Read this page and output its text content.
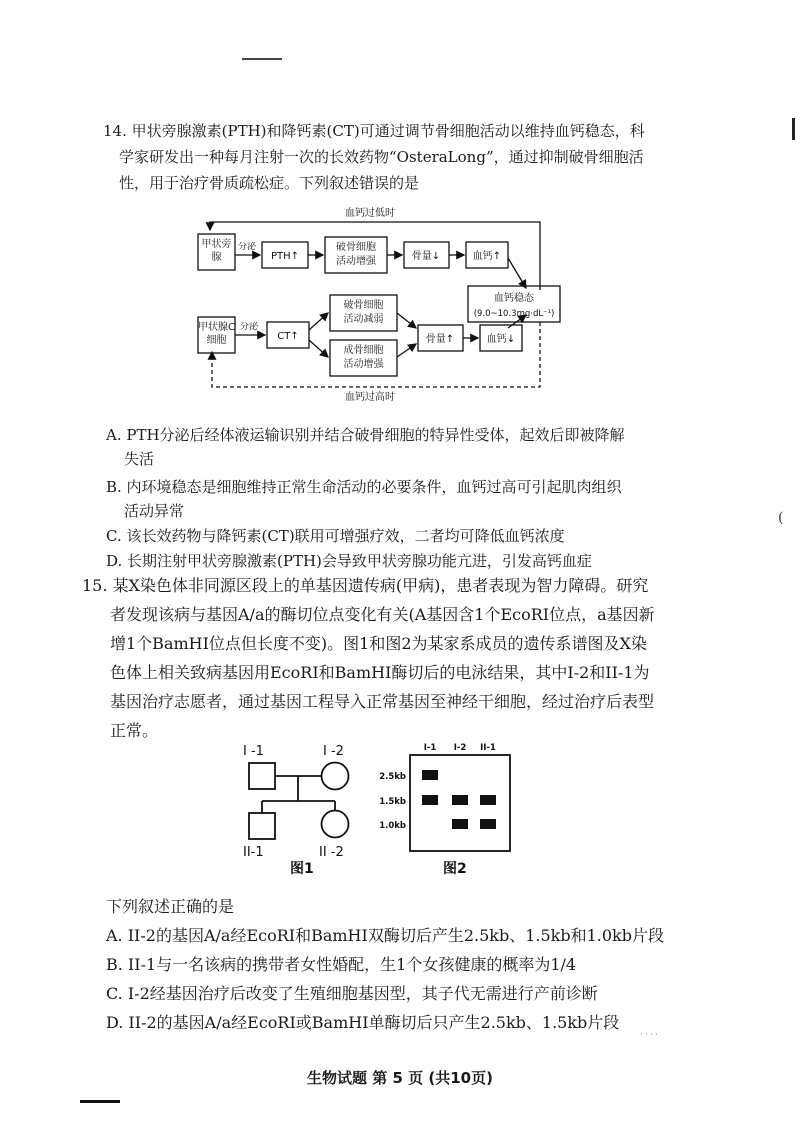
(

14. 甲状旁腺激素(PTH)和降钙素(CT)可通过调节骨细胞活动以维持血钙稳态，科

学家研发出一种每月注射一次的长效药物“OsteraLong”，通过抑制破骨细胞活

性，用于治疗骨质疏松症。下列叙述错误的是

血钙过低时
血钙过高时
甲状旁腺
分泌
PTH↑
破骨细胞活动增强	骨量↓	血钙↑
血钙稳态
(9.0~10.3mg·dL⁻¹)
甲状腺C细胞
分泌
CT↑
破骨细胞活动减弱
成骨细胞活动增强
骨量↑	血钙↓

A. PTH分泌后经体液运输识别并结合破骨细胞的特异性受体，起效后即被降解

失活

B. 内环境稳态是细胞维持正常生命活动的必要条件，血钙过高可引起肌肉组织

活动异常

C. 该长效药物与降钙素(CT)联用可增强疗效，二者均可降低血钙浓度

D. 长期注射甲状旁腺激素(PTH)会导致甲状旁腺功能亢进，引发高钙血症

15. 某X染色体非同源区段上的单基因遗传病(甲病)，患者表现为智力障碍。研究

者发现该病与基因A/a的酶切位点变化有关(A基因含1个EcoRI位点，a基因新

增1个BamHI位点但长度不变)。图1和图2为某家系成员的遗传系谱图及X染

色体上相关致病基因用EcoRI和BamHI酶切后的电泳结果，其中I-2和II-1为

基因治疗志愿者，通过基因工程导入正常基因至神经干细胞，经过治疗后表型

正常。

I -1	I -2
II-1	II -2
图1
I-1 I-2 II-1
2.5kb
1.5kb
1.0kb
图2

下列叙述正确的是

A. II-2的基因A/a经EcoRI和BamHI双酶切后产生2.5kb、1.5kb和1.0kb片段

B. II-1与一名该病的携带者女性婚配，生1个女孩健康的概率为1/4

C. I-2经基因治疗后改变了生殖细胞基因型，其子代无需进行产前诊断

D. II-2的基因A/a经EcoRI或BamHI单酶切后只产生2.5kb、1.5kb片段

· · · ·
生物试题 第 5 页 (共10页)
